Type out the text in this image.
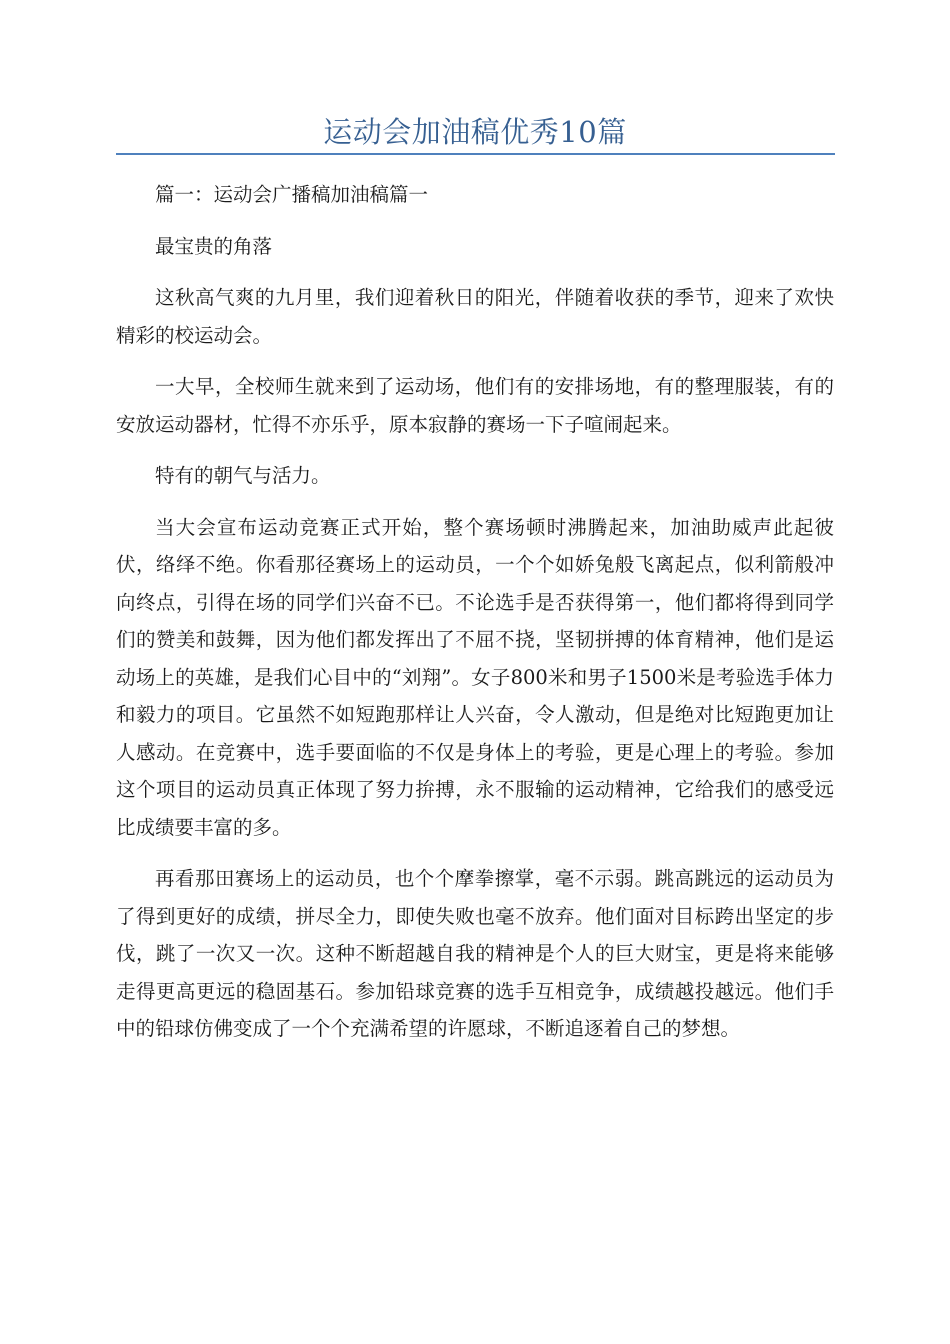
运动会加油稿优秀10篇

篇一：运动会广播稿加油稿篇一

最宝贵的角落

这秋高气爽的九月里，我们迎着秋日的阳光，伴随着收获的季节，迎来了欢快精彩的校运动会。

一大早，全校师生就来到了运动场，他们有的安排场地，有的整理服装，有的安放运动器材，忙得不亦乐乎，原本寂静的赛场一下子喧闹起来。

特有的朝气与活力。

当大会宣布运动竞赛正式开始，整个赛场顿时沸腾起来，加油助威声此起彼伏，络绎不绝。你看那径赛场上的运动员，一个个如娇兔般飞离起点，似利箭般冲向终点，引得在场的同学们兴奋不已。不论选手是否获得第一，他们都将得到同学们的赞美和鼓舞，因为他们都发挥出了不屈不挠，坚韧拼搏的体育精神，他们是运动场上的英雄，是我们心目中的“刘翔”。女子800米和男子1500米是考验选手体力和毅力的项目。它虽然不如短跑那样让人兴奋，令人激动，但是绝对比短跑更加让人感动。在竞赛中，选手要面临的不仅是身体上的考验，更是心理上的考验。参加这个项目的运动员真正体现了努力拚搏，永不服输的运动精神，它给我们的感受远比成绩要丰富的多。

再看那田赛场上的运动员，也个个摩拳擦掌，毫不示弱。跳高跳远的运动员为了得到更好的成绩，拼尽全力，即使失败也毫不放弃。他们面对目标跨出坚定的步伐，跳了一次又一次。这种不断超越自我的精神是个人的巨大财宝，更是将来能够走得更高更远的稳固基石。参加铅球竞赛的选手互相竞争，成绩越投越远。他们手中的铅球仿佛变成了一个个充满希望的许愿球，不断追逐着自己的梦想。
